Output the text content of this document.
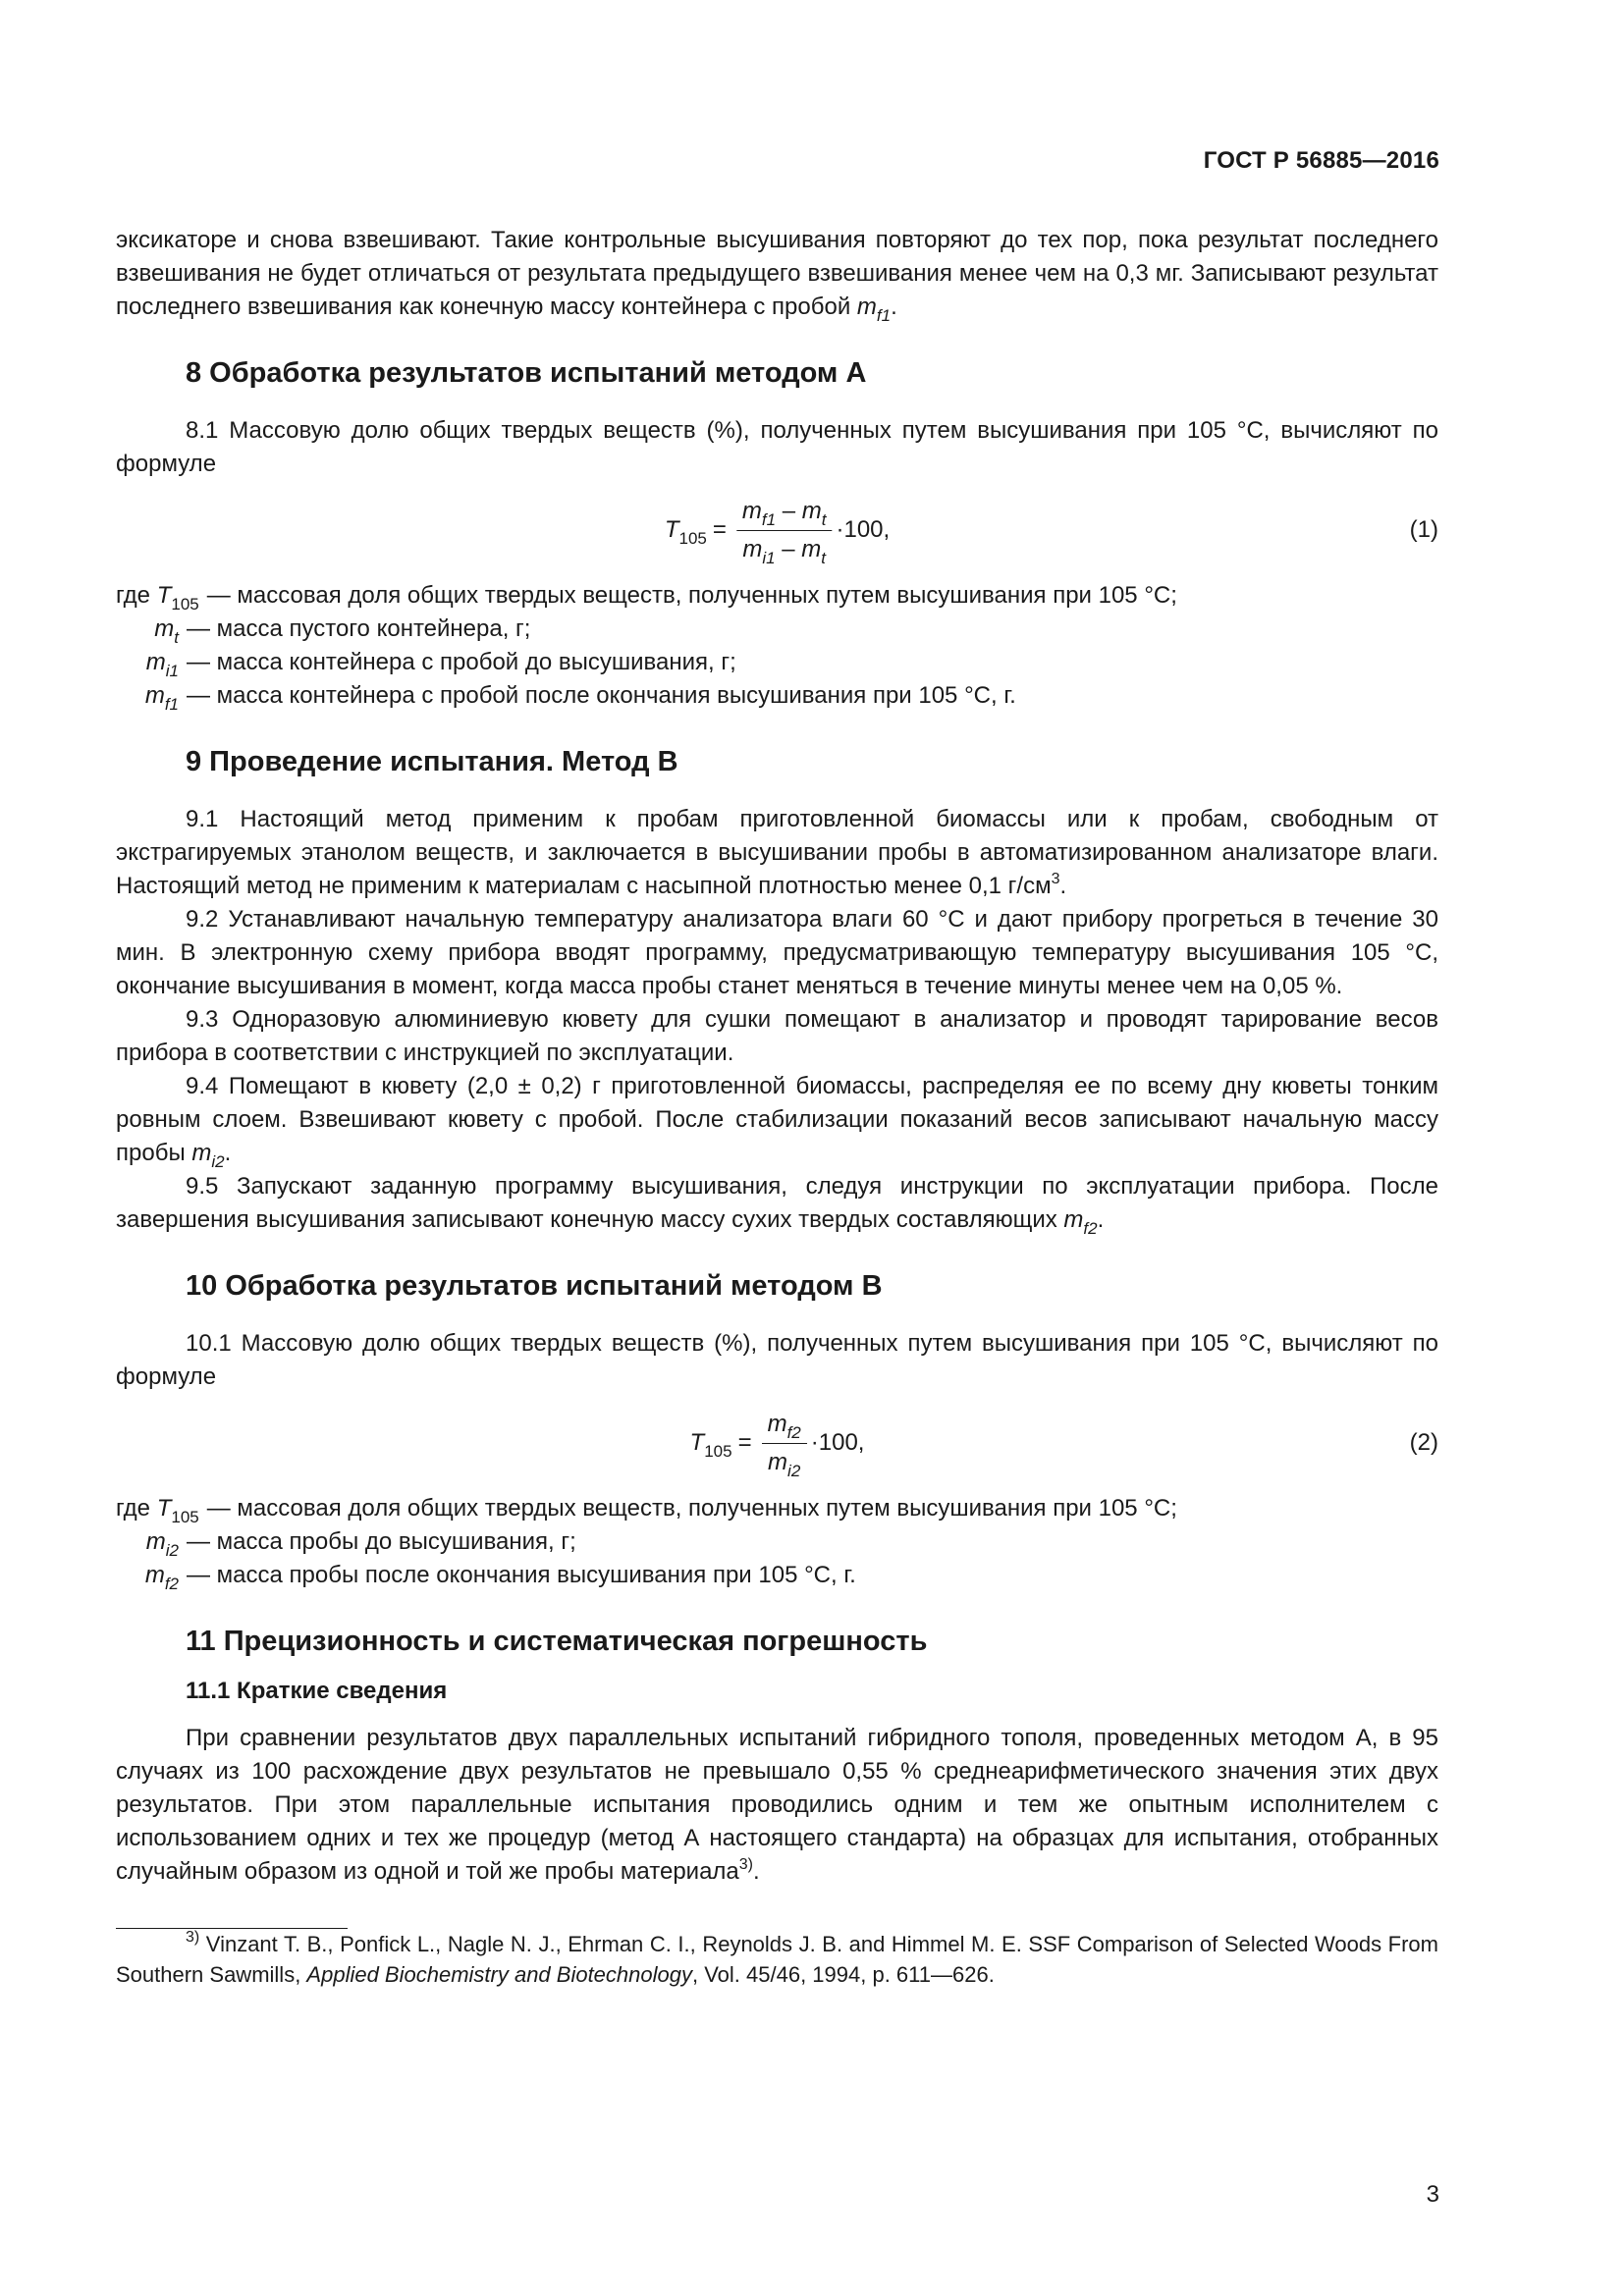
ГОСТ Р 56885—2016

эксикаторе и снова взвешивают. Такие контрольные высушивания повторяют до тех пор, пока результат последнего взвешивания не будет отличаться от результата предыдущего взвешивания менее чем на 0,3 мг. Записывают результат последнего взвешивания как конечную массу контейнера с пробой $m_{f1}$.

8 Обработка результатов испытаний методом А

8.1 Массовую долю общих твердых веществ (%), полученных путем высушивания при 105 °С, вычисляют по формуле

$T_{105} = \frac{m_{f1} - m_t}{m_{i1} - m_t} \cdot 100$,	(1)
где $T_{105}$ — массовая доля общих твердых веществ, полученных путем высушивания при 105 °С;
$m_t$ — масса пустого контейнера, г;
$m_{i1}$ — масса контейнера с пробой до высушивания, г;
$m_{f1}$ — масса контейнера с пробой после окончания высушивания при 105 °С, г.
9 Проведение испытания. Метод В

9.1 Настоящий метод применим к пробам приготовленной биомассы или к пробам, свободным от экстрагируемых этанолом веществ, и заключается в высушивании пробы в автоматизированном анализаторе влаги. Настоящий метод не применим к материалам с насыпной плотностью менее 0,1 $г/см^3$.

9.2 Устанавливают начальную температуру анализатора влаги 60 °С и дают прибору прогреться в течение 30 мин. В электронную схему прибора вводят программу, предусматривающую температуру высушивания 105 °С, окончание высушивания в момент, когда масса пробы станет меняться в течение минуты менее чем на 0,05 %.

9.3 Одноразовую алюминиевую кювету для сушки помещают в анализатор и проводят тарирование весов прибора в соответствии с инструкцией по эксплуатации.

9.4 Помещают в кювету (2,0 ± 0,2) г приготовленной биомассы, распределяя ее по всему дну кюветы тонким ровным слоем. Взвешивают кювету с пробой. После стабилизации показаний весов записывают начальную массу пробы $m_{i2}$.

9.5 Запускают заданную программу высушивания, следуя инструкции по эксплуатации прибора. После завершения высушивания записывают конечную массу сухих твердых составляющих $m_{f2}$.

10 Обработка результатов испытаний методом В

10.1 Массовую долю общих твердых веществ (%), полученных путем высушивания при 105 °С, вычисляют по формуле

$T_{105} = \frac{m_{f2}}{m_{i2}} \cdot 100$,	(2)
где $T_{105}$ — массовая доля общих твердых веществ, полученных путем высушивания при 105 °С;
$m_{i2}$ — масса пробы до высушивания, г;
$m_{f2}$ — масса пробы после окончания высушивания при 105 °С, г.
11 Прецизионность и систематическая погрешность
11.1 Краткие сведения

При сравнении результатов двух параллельных испытаний гибридного тополя, проведенных методом А, в 95 случаях из 100 расхождение двух результатов не превышало 0,55 % среднеарифметического значения этих двух результатов. При этом параллельные испытания проводились одним и тем же опытным исполнителем с использованием одних и тех же процедур (метод А настоящего стандарта) на образцах для испытания, отобранных случайным образом из одной и той же пробы материала$^{3)}$.

$^{3)}$ Vinzant T. B., Ponfick L., Nagle N. J., Ehrman C. I., Reynolds J. B. and Himmel M. E. SSF Comparison of Selected Woods From Southern Sawmills, Applied Biochemistry and Biotechnology, Vol. 45/46, 1994, p. 611—626.

3
